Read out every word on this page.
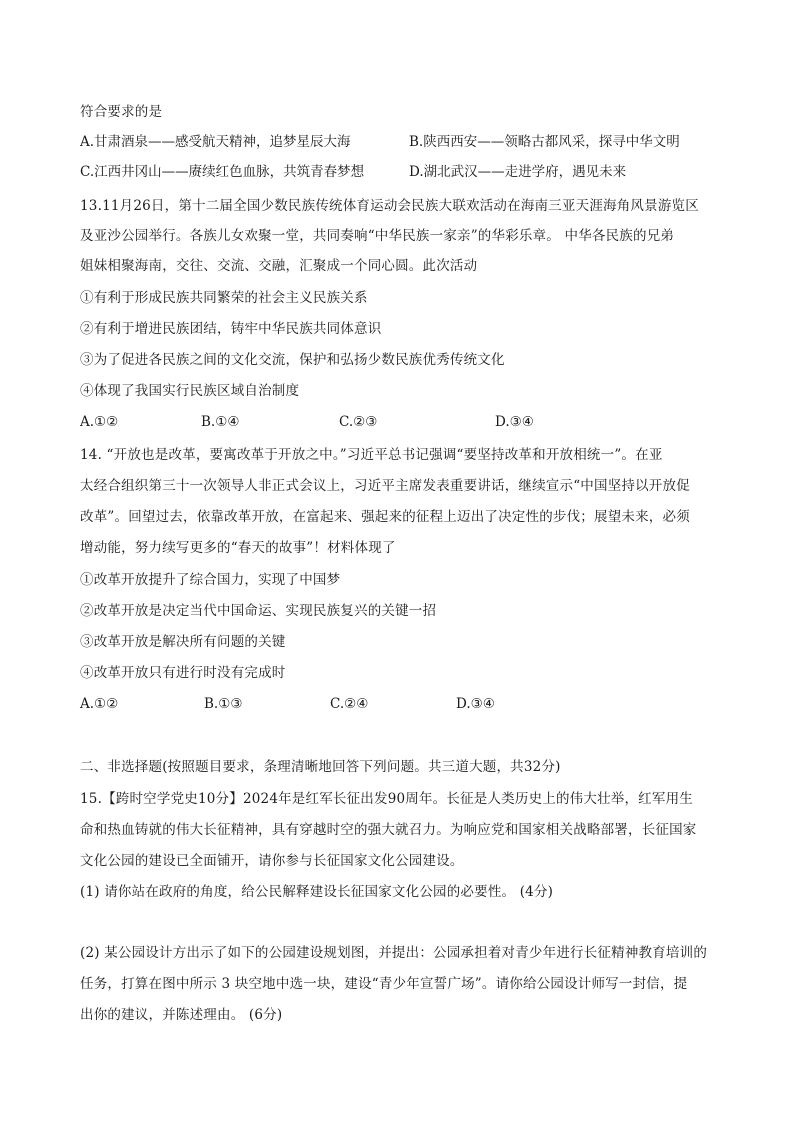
符合要求的是
A.甘肃酒泉——感受航天精神，追梦星辰大海	B.陕西西安——领略古都风采，探寻中华文明
C.江西井冈山——赓续红色血脉，共筑青春梦想	D.湖北武汉——走进学府，遇见未来
13.11月26日，第十二届全国少数民族传统体育运动会民族大联欢活动在海南三亚天涯海角风景游览区
及亚沙公园举行。各族儿女欢聚一堂，共同奏响“中华民族一家亲”的华彩乐章。 中华各民族的兄弟
姐妹相聚海南，交往、交流、交融，汇聚成一个同心圆。此次活动
①有利于形成民族共同繁荣的社会主义民族关系
②有利于增进民族团结，铸牢中华民族共同体意识
③为了促进各民族之间的文化交流，保护和弘扬少数民族优秀传统文化
④体现了我国实行民族区域自治制度
A.①②	B.①④	C.②③	D.③④
14. “开放也是改革，要寓改革于开放之中。”习近平总书记强调“要坚持改革和开放相统一”。在亚
太经合组织第三十一次领导人非正式会议上，习近平主席发表重要讲话，继续宣示“中国坚持以开放促
改革”。回望过去，依靠改革开放，在富起来、强起来的征程上迈出了决定性的步伐；展望未来，必须
增动能，努力续写更多的“春天的故事”！材料体现了
①改革开放提升了综合国力，实现了中国梦
②改革开放是决定当代中国命运、实现民族复兴的关键一招
③改革开放是解决所有问题的关键
④改革开放只有进行时没有完成时
A.①②	B.①③	C.②④	D.③④
二、非选择题(按照题目要求，条理清晰地回答下列问题。共三道大题，共32分)
15.【跨时空学党史10分】2024年是红军长征出发90周年。长征是人类历史上的伟大壮举，红军用生
命和热血铸就的伟大长征精神，具有穿越时空的强大就召力。为响应党和国家相关战略部署，长征国家
文化公园的建设已全面铺开，请你参与长征国家文化公园建设。
(1) 请你站在政府的角度，给公民解释建设长征国家文化公园的必要性。 (4分)
(2) 某公园设计方出示了如下的公园建设规划图，并提出：公园承担着对青少年进行长征精神教育培训的
任务，打算在图中所示 3 块空地中选一块，建设“青少年宣誓广场”。请你给公园设计师写一封信，提
出你的建议，并陈述理由。 (6分)
